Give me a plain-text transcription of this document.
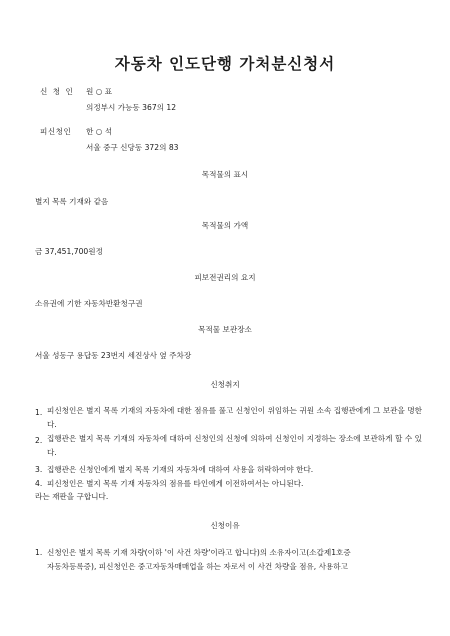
자동차 인도단행 가처분신청서
신 청 인 원 ○ 표
의정부시 가능동 367의 12
피신청인 한 ○ 석
서울 중구 신당동 372의 83
목적물의 표시
별지 목록 기재와 같음
목적물의 가액
금 37,451,700원정
피보전권리의 요지
소유권에 기한 자동차반환청구권
목적물 보관장소
서울 성동구 용답동 23번지 세진상사 옆 주차장
신청취지
1. 피신청인은 별지 목록 기재의 자동차에 대한 점유를 풀고 신청인이 위임하는 귀원 소속 집행관에게 그 보관을 명한다.
2. 집행관은 별지 목록 기재의 자동차에 대하여 신청인의 신청에 의하여 신청인이 지정하는 장소에 보관하게 할 수 있다.
3. 집행관은 신청인에게 별지 목록 기재의 자동차에 대하여 사용을 허락하여야 한다.
4. 피신청인은 별지 목록 기재 자동차의 점유를 타인에게 이전하여서는 아니된다.
라는 재판을 구합니다.
신청이유
1. 신청인은 별지 목록 기재 차량(이하 '이 사건 차량'이라고 합니다)의 소유자이고(소갑제1호증
자동차등록증), 피신청인은 중고자동차매매업을 하는 자로서 이 사건 차량을 점유, 사용하고
